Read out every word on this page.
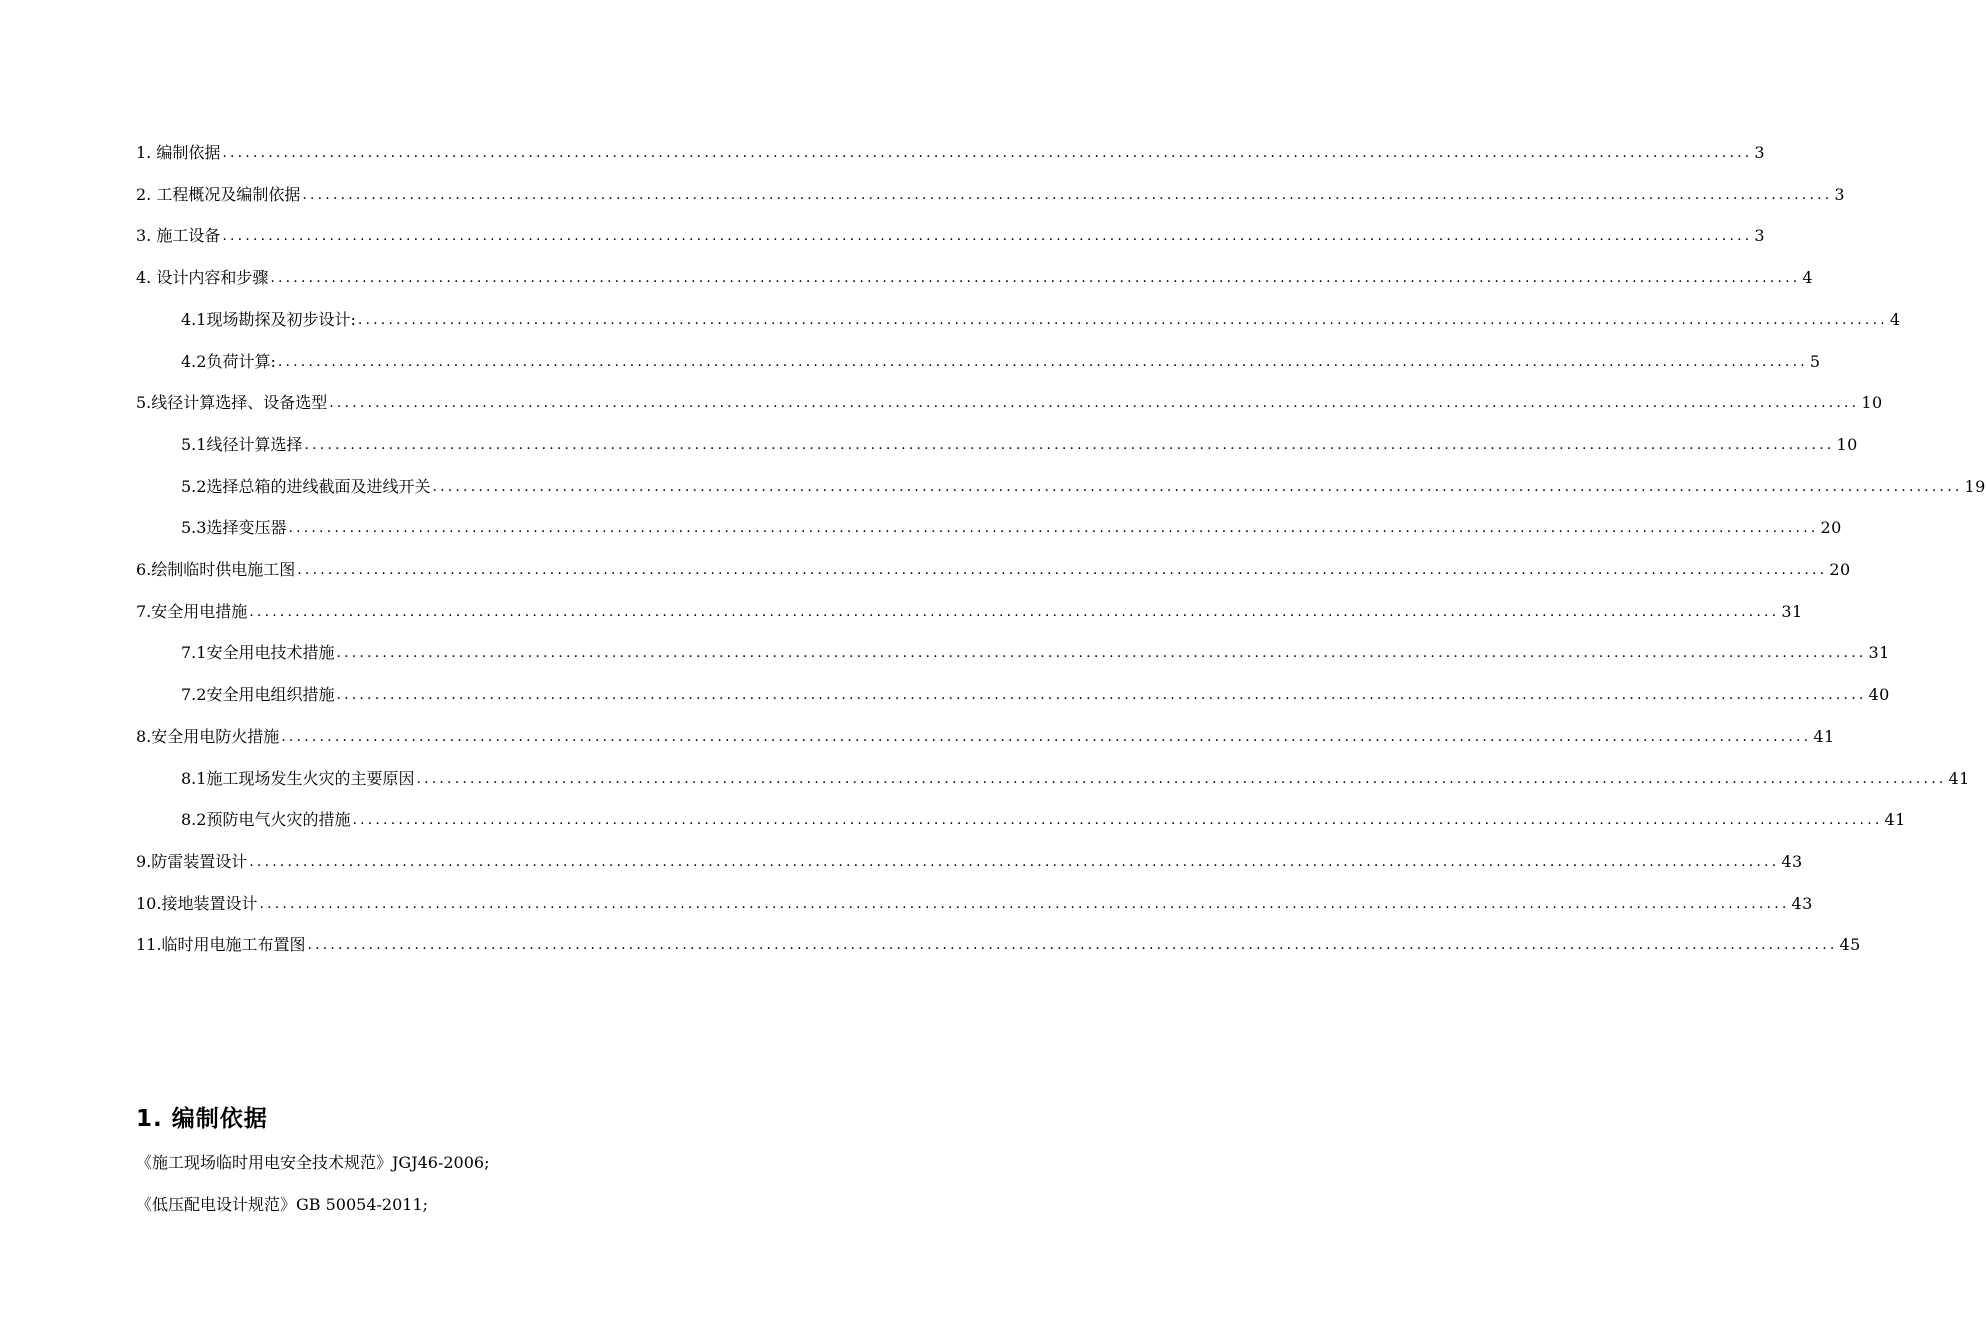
1. 编制依据 ........................................................................................................................................................................................................ 3
2. 工程概况及编制依据 ........................................................................................................................................................................................................ 3
3. 施工设备 ........................................................................................................................................................................................................ 3
4. 设计内容和步骤 ........................................................................................................................................................................................................ 4
4.1现场勘探及初步设计: ........................................................................................................................................................................................................ 4
4.2负荷计算: ........................................................................................................................................................................................................ 5
5.线径计算选择、设备选型 ........................................................................................................................................................................................................ 10
5.1线径计算选择 ........................................................................................................................................................................................................ 10
5.2选择总箱的进线截面及进线开关 ........................................................................................................................................................................................................ 19
5.3选择变压器 ........................................................................................................................................................................................................ 20
6.绘制临时供电施工图 ........................................................................................................................................................................................................ 20
7.安全用电措施 ........................................................................................................................................................................................................ 31
7.1安全用电技术措施 ........................................................................................................................................................................................................ 31
7.2安全用电组织措施 ........................................................................................................................................................................................................ 40
8.安全用电防火措施 ........................................................................................................................................................................................................ 41
8.1施工现场发生火灾的主要原因 ........................................................................................................................................................................................................ 41
8.2预防电气火灾的措施 ........................................................................................................................................................................................................ 41
9.防雷装置设计 ........................................................................................................................................................................................................ 43
10.接地装置设计 ........................................................................................................................................................................................................ 43
11.临时用电施工布置图 ........................................................................................................................................................................................................ 45
1. 编制依据

《施工现场临时用电安全技术规范》JGJ46-2006;

《低压配电设计规范》GB 50054-2011;
